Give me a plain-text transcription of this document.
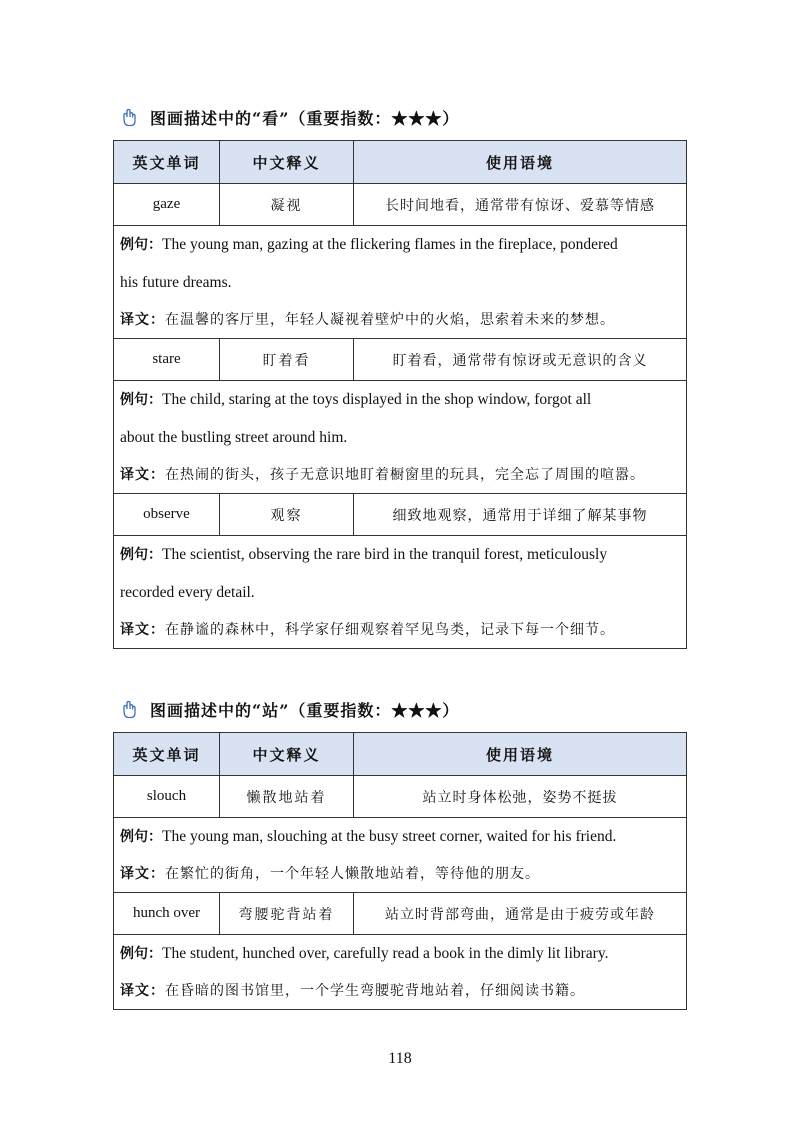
图画描述中的“看”（重要指数：★★★）
英文单词	中文释义	使用语境
gaze	凝视	长时间地看，通常带有惊讶、爱慕等情感

例句：The young man, gazing at the flickering flames in the fireplace, pondered
his future dreams.
译文：在温馨的客厅里，年轻人凝视着壁炉中的火焰，思索着未来的梦想。		

stare	盯着看	盯着看，通常带有惊讶或无意识的含义

例句：The child, staring at the toys displayed in the shop window, forgot all
about the bustling street around him.
译文：在热闹的街头，孩子无意识地盯着橱窗里的玩具，完全忘了周围的喧嚣。		

observe	观察	细致地观察，通常用于详细了解某事物

例句：The scientist, observing the rare bird in the tranquil forest, meticulously
recorded every detail.
译文：在静谧的森林中，科学家仔细观察着罕见鸟类，记录下每一个细节。		
图画描述中的“站”（重要指数：★★★）
英文单词	中文释义	使用语境
slouch	懒散地站着	站立时身体松弛，姿势不挺拔

例句：The young man, slouching at the busy street corner, waited for his friend.
译文：在繁忙的街角，一个年轻人懒散地站着，等待他的朋友。		

hunch over	弯腰驼背站着	站立时背部弯曲，通常是由于疲劳或年龄

例句：The student, hunched over, carefully read a book in the dimly lit library.
译文：在昏暗的图书馆里，一个学生弯腰驼背地站着，仔细阅读书籍。		
118
